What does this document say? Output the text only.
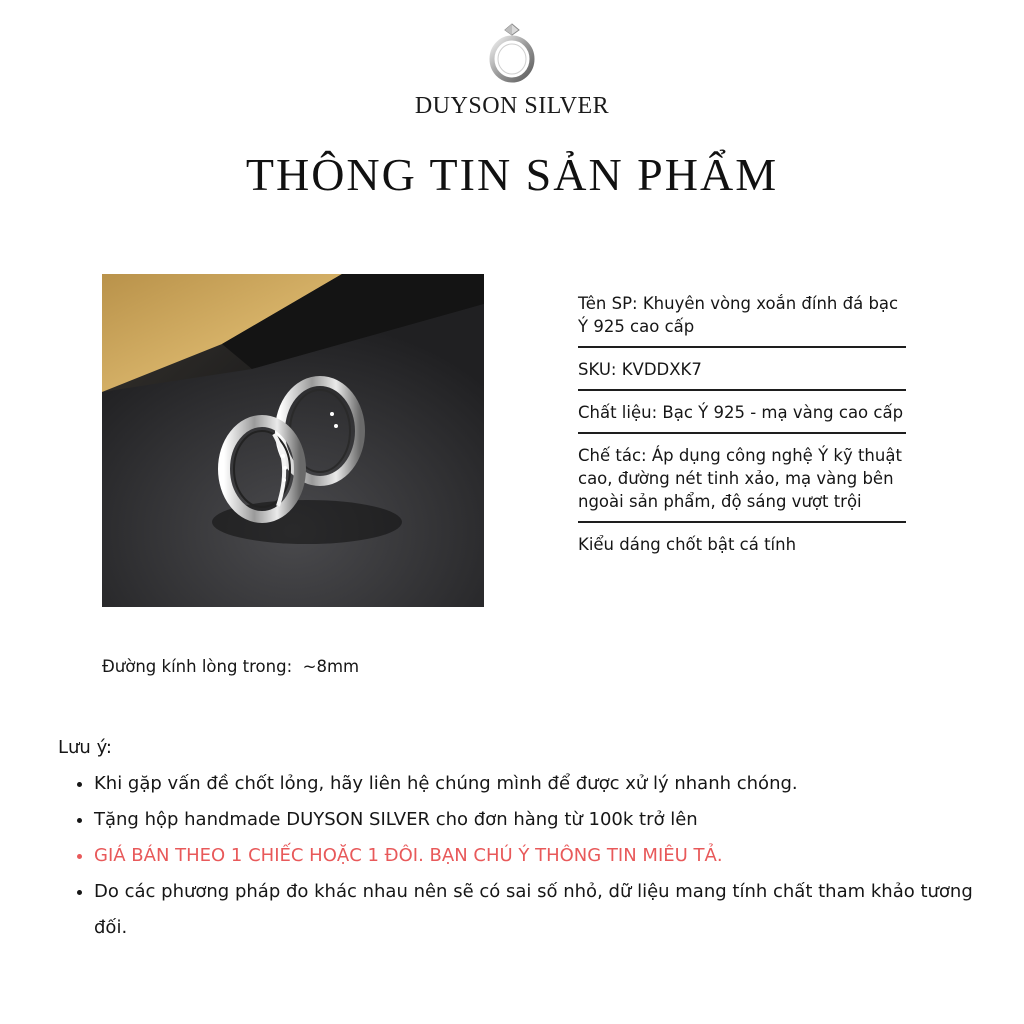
DUYSON SILVER
THÔNG TIN SẢN PHẨM
Tên SP: Khuyên vòng xoắn đính đá bạc Ý 925 cao cấp
SKU: KVDDXK7
Chất liệu: Bạc Ý 925 - mạ vàng cao cấp
Chế tác: Áp dụng công nghệ Ý kỹ thuật cao, đường nét tinh xảo, mạ vàng bên ngoài sản phẩm, độ sáng vượt trội
Kiểu dáng chốt bật cá tính
Đường kính lòng trong:  ~8mm
Lưu ý:
• Khi gặp vấn đề chốt lỏng, hãy liên hệ chúng mình để được xử lý nhanh chóng.
• Tặng hộp handmade DUYSON SILVER cho đơn hàng từ 100k trở lên
• GIÁ BÁN THEO 1 CHIẾC HOẶC 1 ĐÔI. BẠN CHÚ Ý THÔNG TIN MIÊU TẢ.
• Do các phương pháp đo khác nhau nên sẽ có sai số nhỏ, dữ liệu mang tính chất tham khảo tương đối.
